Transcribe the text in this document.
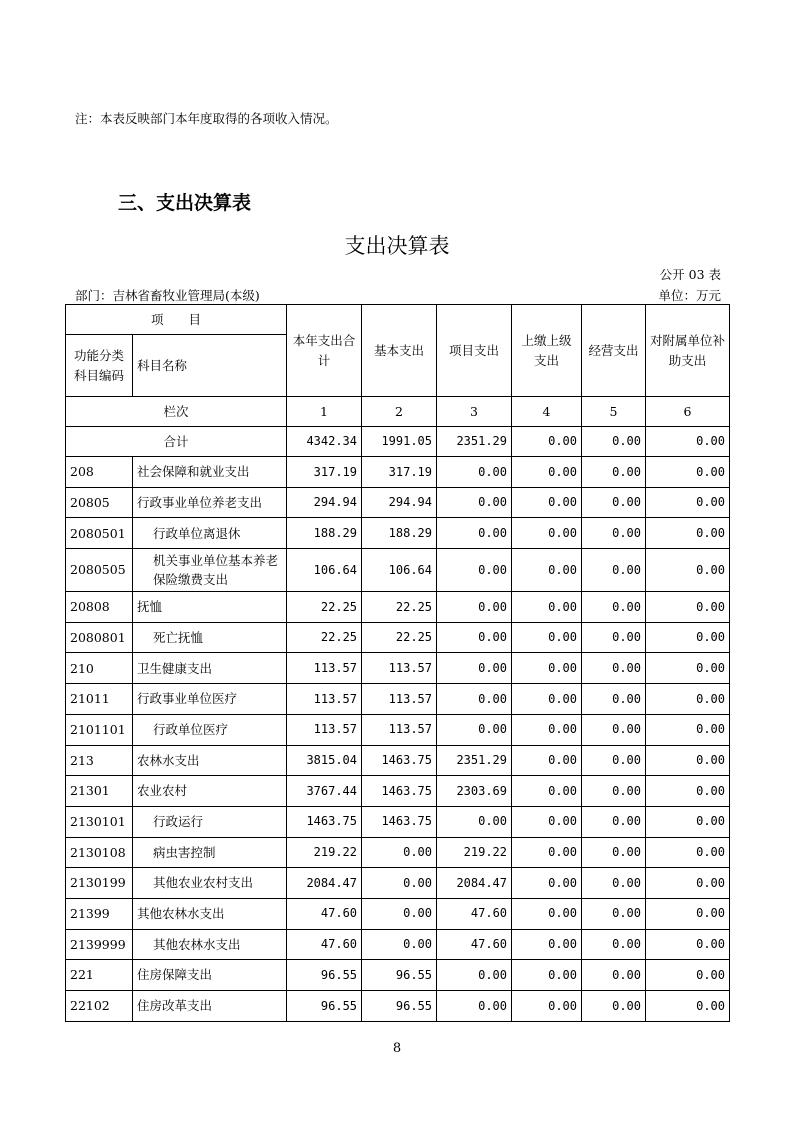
注：本表反映部门本年度取得的各项收入情况。
三、支出决算表
支出决算表
公开 03 表
部门：吉林省畜牧业管理局(本级)	单位：万元
项　　目		本年支出合计	基本支出	项目支出	上缴上级支出	经营支出	对附属单位补助支出
功能分类科目编码	科目名称						
栏次		1	2	3	4	5	6
合计		4342.34	1991.05	2351.29	0.00	0.00	0.00
208	社会保障和就业支出	317.19	317.19	0.00	0.00	0.00	0.00
20805	行政事业单位养老支出	294.94	294.94	0.00	0.00	0.00	0.00
2080501	行政单位离退休	188.29	188.29	0.00	0.00	0.00	0.00
2080505	机关事业单位基本养老保险缴费支出	106.64	106.64	0.00	0.00	0.00	0.00
20808	抚恤	22.25	22.25	0.00	0.00	0.00	0.00
2080801	死亡抚恤	22.25	22.25	0.00	0.00	0.00	0.00
210	卫生健康支出	113.57	113.57	0.00	0.00	0.00	0.00
21011	行政事业单位医疗	113.57	113.57	0.00	0.00	0.00	0.00
2101101	行政单位医疗	113.57	113.57	0.00	0.00	0.00	0.00
213	农林水支出	3815.04	1463.75	2351.29	0.00	0.00	0.00
21301	农业农村	3767.44	1463.75	2303.69	0.00	0.00	0.00
2130101	行政运行	1463.75	1463.75	0.00	0.00	0.00	0.00
2130108	病虫害控制	219.22	0.00	219.22	0.00	0.00	0.00
2130199	其他农业农村支出	2084.47	0.00	2084.47	0.00	0.00	0.00
21399	其他农林水支出	47.60	0.00	47.60	0.00	0.00	0.00
2139999	其他农林水支出	47.60	0.00	47.60	0.00	0.00	0.00
221	住房保障支出	96.55	96.55	0.00	0.00	0.00	0.00
22102	住房改革支出	96.55	96.55	0.00	0.00	0.00	0.00
8
